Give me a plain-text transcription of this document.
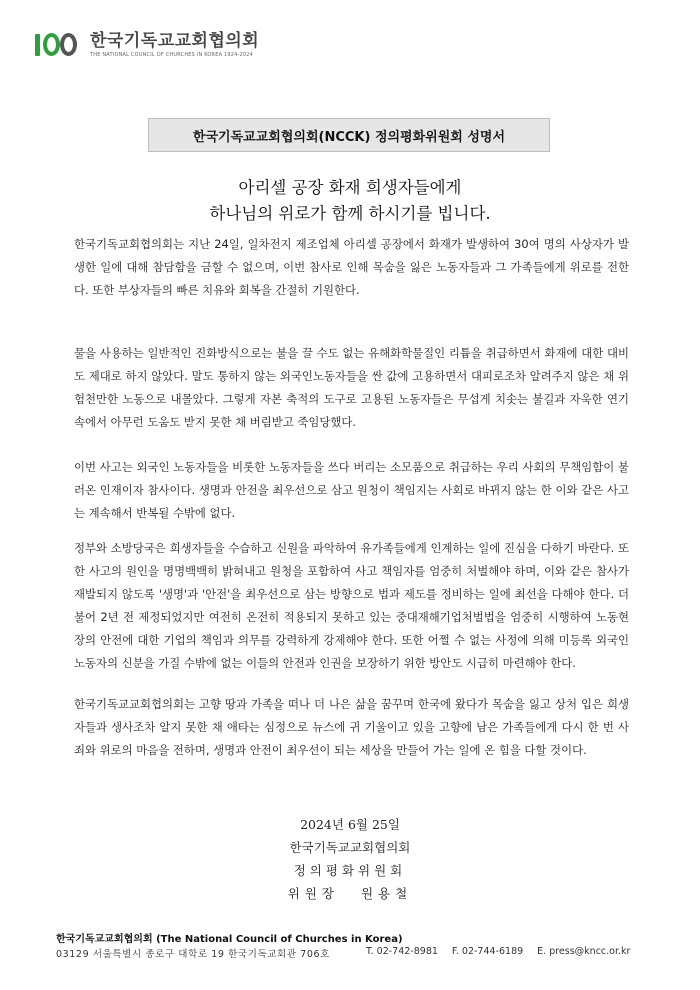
한국기독교교회협의회
THE NATIONAL COUNCIL OF CHURCHES IN KOREA 1924-2024
한국기독교교회협의회(NCCK) 정의평화위원회 성명서
아리셀 공장 화재 희생자들에게
하나님의 위로가 함께 하시기를 빕니다.

한국기독교회협의회는 지난 24일, 일차전지 제조업체 아리셀 공장에서 화재가 발생하여 30여 명의 사상자가 발생한 일에 대해 참담함을 금할 수 없으며, 이번 참사로 인해 목숨을 잃은 노동자들과 그 가족들에게 위로를 전한다. 또한 부상자들의 빠른 치유와 회복을 간절히 기원한다.

물을 사용하는 일반적인 진화방식으로는 불을 끌 수도 없는 유해화학물질인 리튬을 취급하면서 화재에 대한 대비도 제대로 하지 않았다. 말도 통하지 않는 외국인노동자들을 싼 값에 고용하면서 대피로조차 알려주지 않은 채 위험천만한 노동으로 내몰았다. 그렇게 자본 축적의 도구로 고용된 노동자들은 무섭게 치솟는 불길과 자욱한 연기 속에서 아무런 도움도 받지 못한 채 버림받고 죽임당했다.

이번 사고는 외국인 노동자들을 비롯한 노동자들을 쓰다 버리는 소모품으로 취급하는 우리 사회의 무책임함이 불러온 인재이자 참사이다. 생명과 안전을 최우선으로 삼고 원청이 책임지는 사회로 바뀌지 않는 한 이와 같은 사고는 계속해서 반복될 수밖에 없다.

정부와 소방당국은 희생자들을 수습하고 신원을 파악하여 유가족들에게 인계하는 일에 진심을 다하기 바란다. 또한 사고의 원인을 명명백백히 밝혀내고 원청을 포함하여 사고 책임자를 엄중히 처벌해야 하며, 이와 같은 참사가 재발되지 않도록 '생명'과 '안전'을 최우선으로 삼는 방향으로 법과 제도를 정비하는 일에 최선을 다해야 한다. 더불어 2년 전 제정되었지만 여전히 온전히 적용되지 못하고 있는 중대재해기업처벌법을 엄중히 시행하여 노동현장의 안전에 대한 기업의 책임과 의무를 강력하게 강제해야 한다. 또한 어쩔 수 없는 사정에 의해 미등록 외국인 노동자의 신분을 가질 수밖에 없는 이들의 안전과 인권을 보장하기 위한 방안도 시급히 마련해야 한다.

한국기독교교회협의회는 고향 땅과 가족을 떠나 더 나은 삶을 꿈꾸며 한국에 왔다가 목숨을 잃고 상처 입은 희생자들과 생사조차 알지 못한 채 애타는 심정으로 뉴스에 귀 기울이고 있을 고향에 남은 가족들에게 다시 한 번 사죄와 위로의 마음을 전하며, 생명과 안전이 최우선이 되는 세상을 만들어 가는 일에 온 힘을 다할 것이다.

2024년 6월 25일
한국기독교교회협의회
정의평화위원회
위원장 원용철
한국기독교교회협의회 (The National Council of Churches in Korea)
03129 서울특별시 종로구 대학로 19 한국기독교회관 706호	T. 02-742-8981 F. 02-744-6189 E. press@kncc.or.kr
